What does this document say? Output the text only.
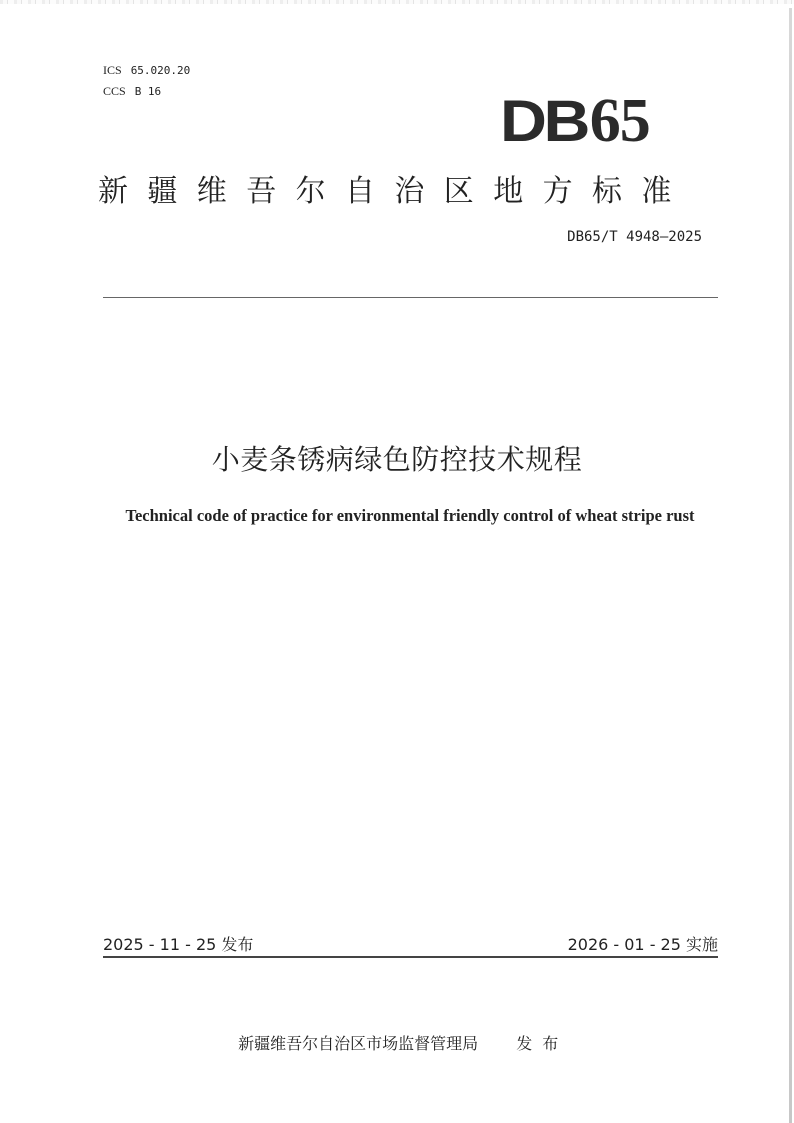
ICS 65.020.20
CCS B 16	DB65
新疆维吾尔自治区地方标准
DB65/T 4948—2025
小麦条锈病绿色防控技术规程
Technical code of practice for environmental friendly control of wheat stripe rust
2025 - 11 - 25 发布	2026 - 01 - 25 实施

新疆维吾尔自治区市场监督管理局 发布
